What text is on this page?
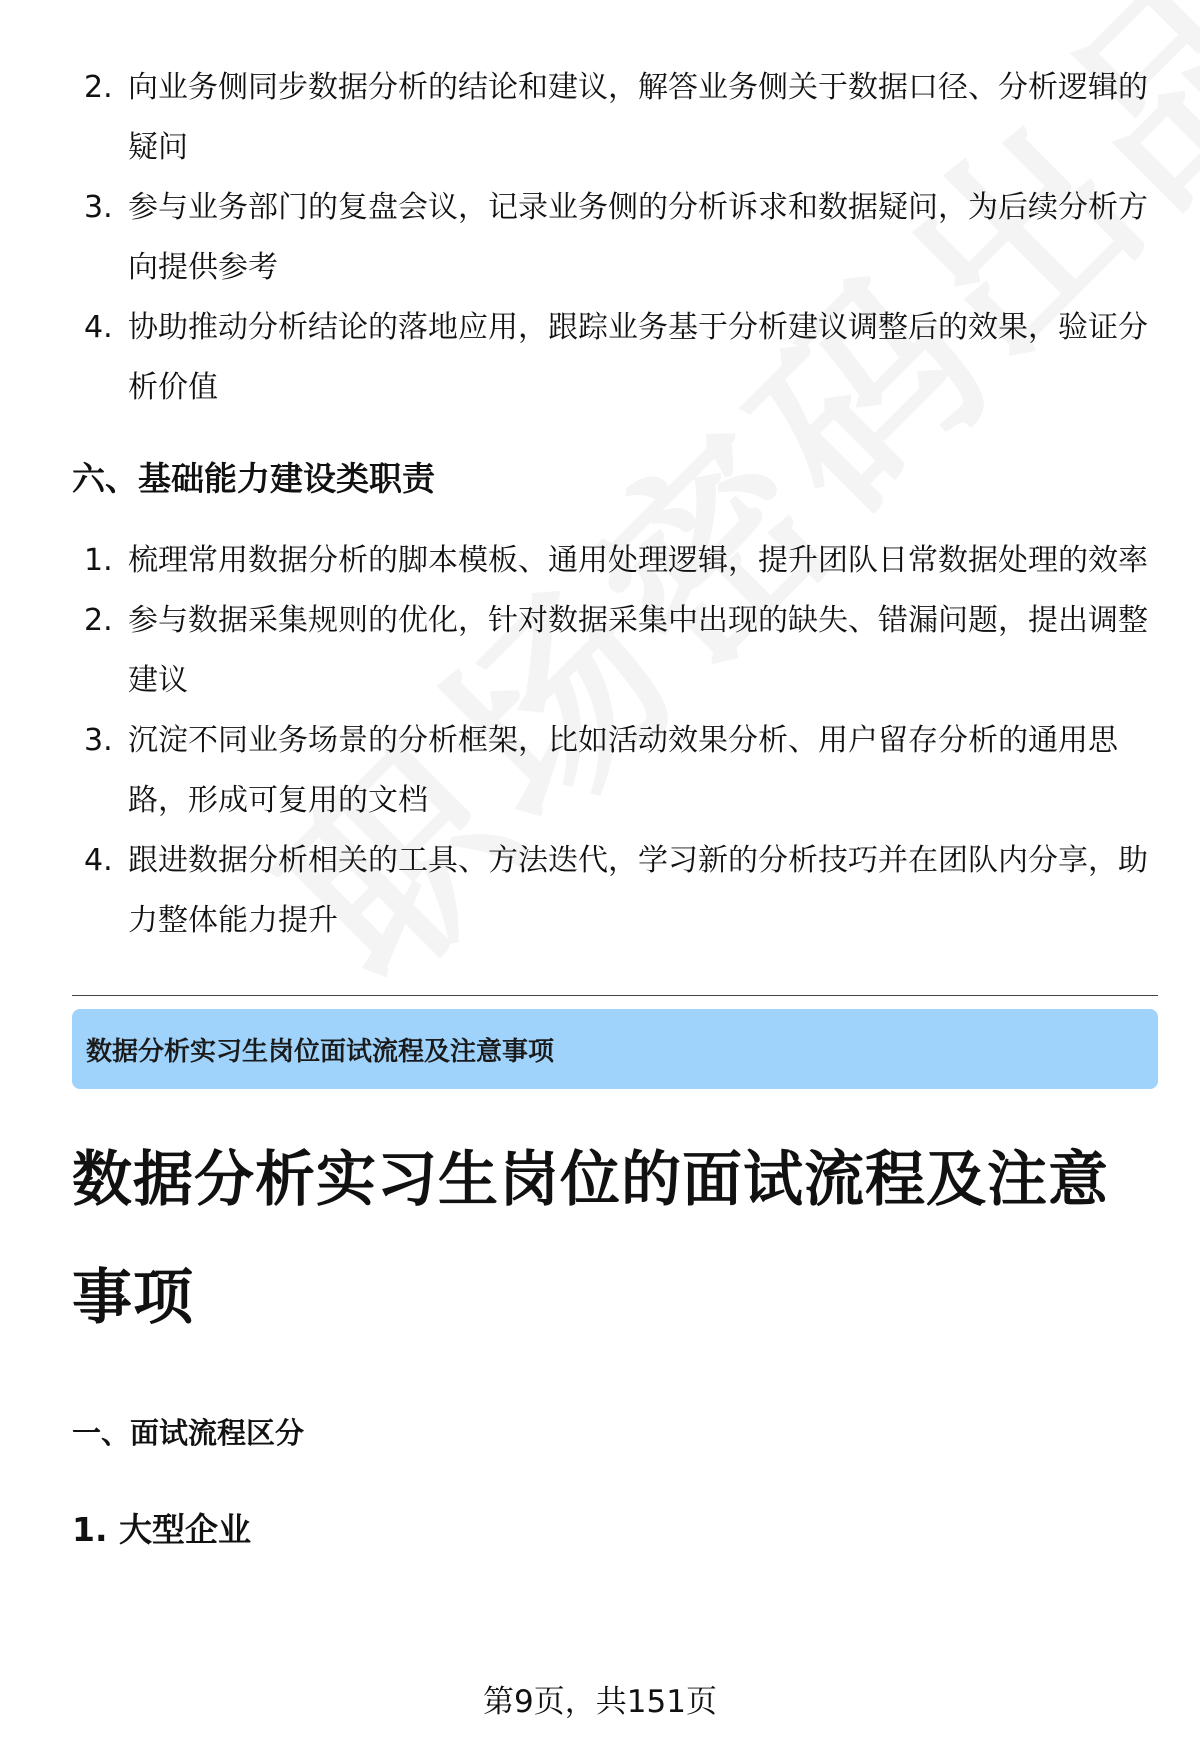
2. 向业务侧同步数据分析的结论和建议，解答业务侧关于数据口径、分析逻辑的疑问
3. 参与业务部门的复盘会议，记录业务侧的分析诉求和数据疑问，为后续分析方向提供参考
4. 协助推动分析结论的落地应用，跟踪业务基于分析建议调整后的效果，验证分析价值
六、基础能力建设类职责
1. 梳理常用数据分析的脚本模板、通用处理逻辑，提升团队日常数据处理的效率
2. 参与数据采集规则的优化，针对数据采集中出现的缺失、错漏问题，提出调整建议
3. 沉淀不同业务场景的分析框架，比如活动效果分析、用户留存分析的通用思路，形成可复用的文档
4. 跟进数据分析相关的工具、方法迭代，学习新的分析技巧并在团队内分享，助力整体能力提升
数据分析实习生岗位面试流程及注意事项
数据分析实习生岗位的面试流程及注意事项
一、面试流程区分
1. 大型企业
第9页，共151页
